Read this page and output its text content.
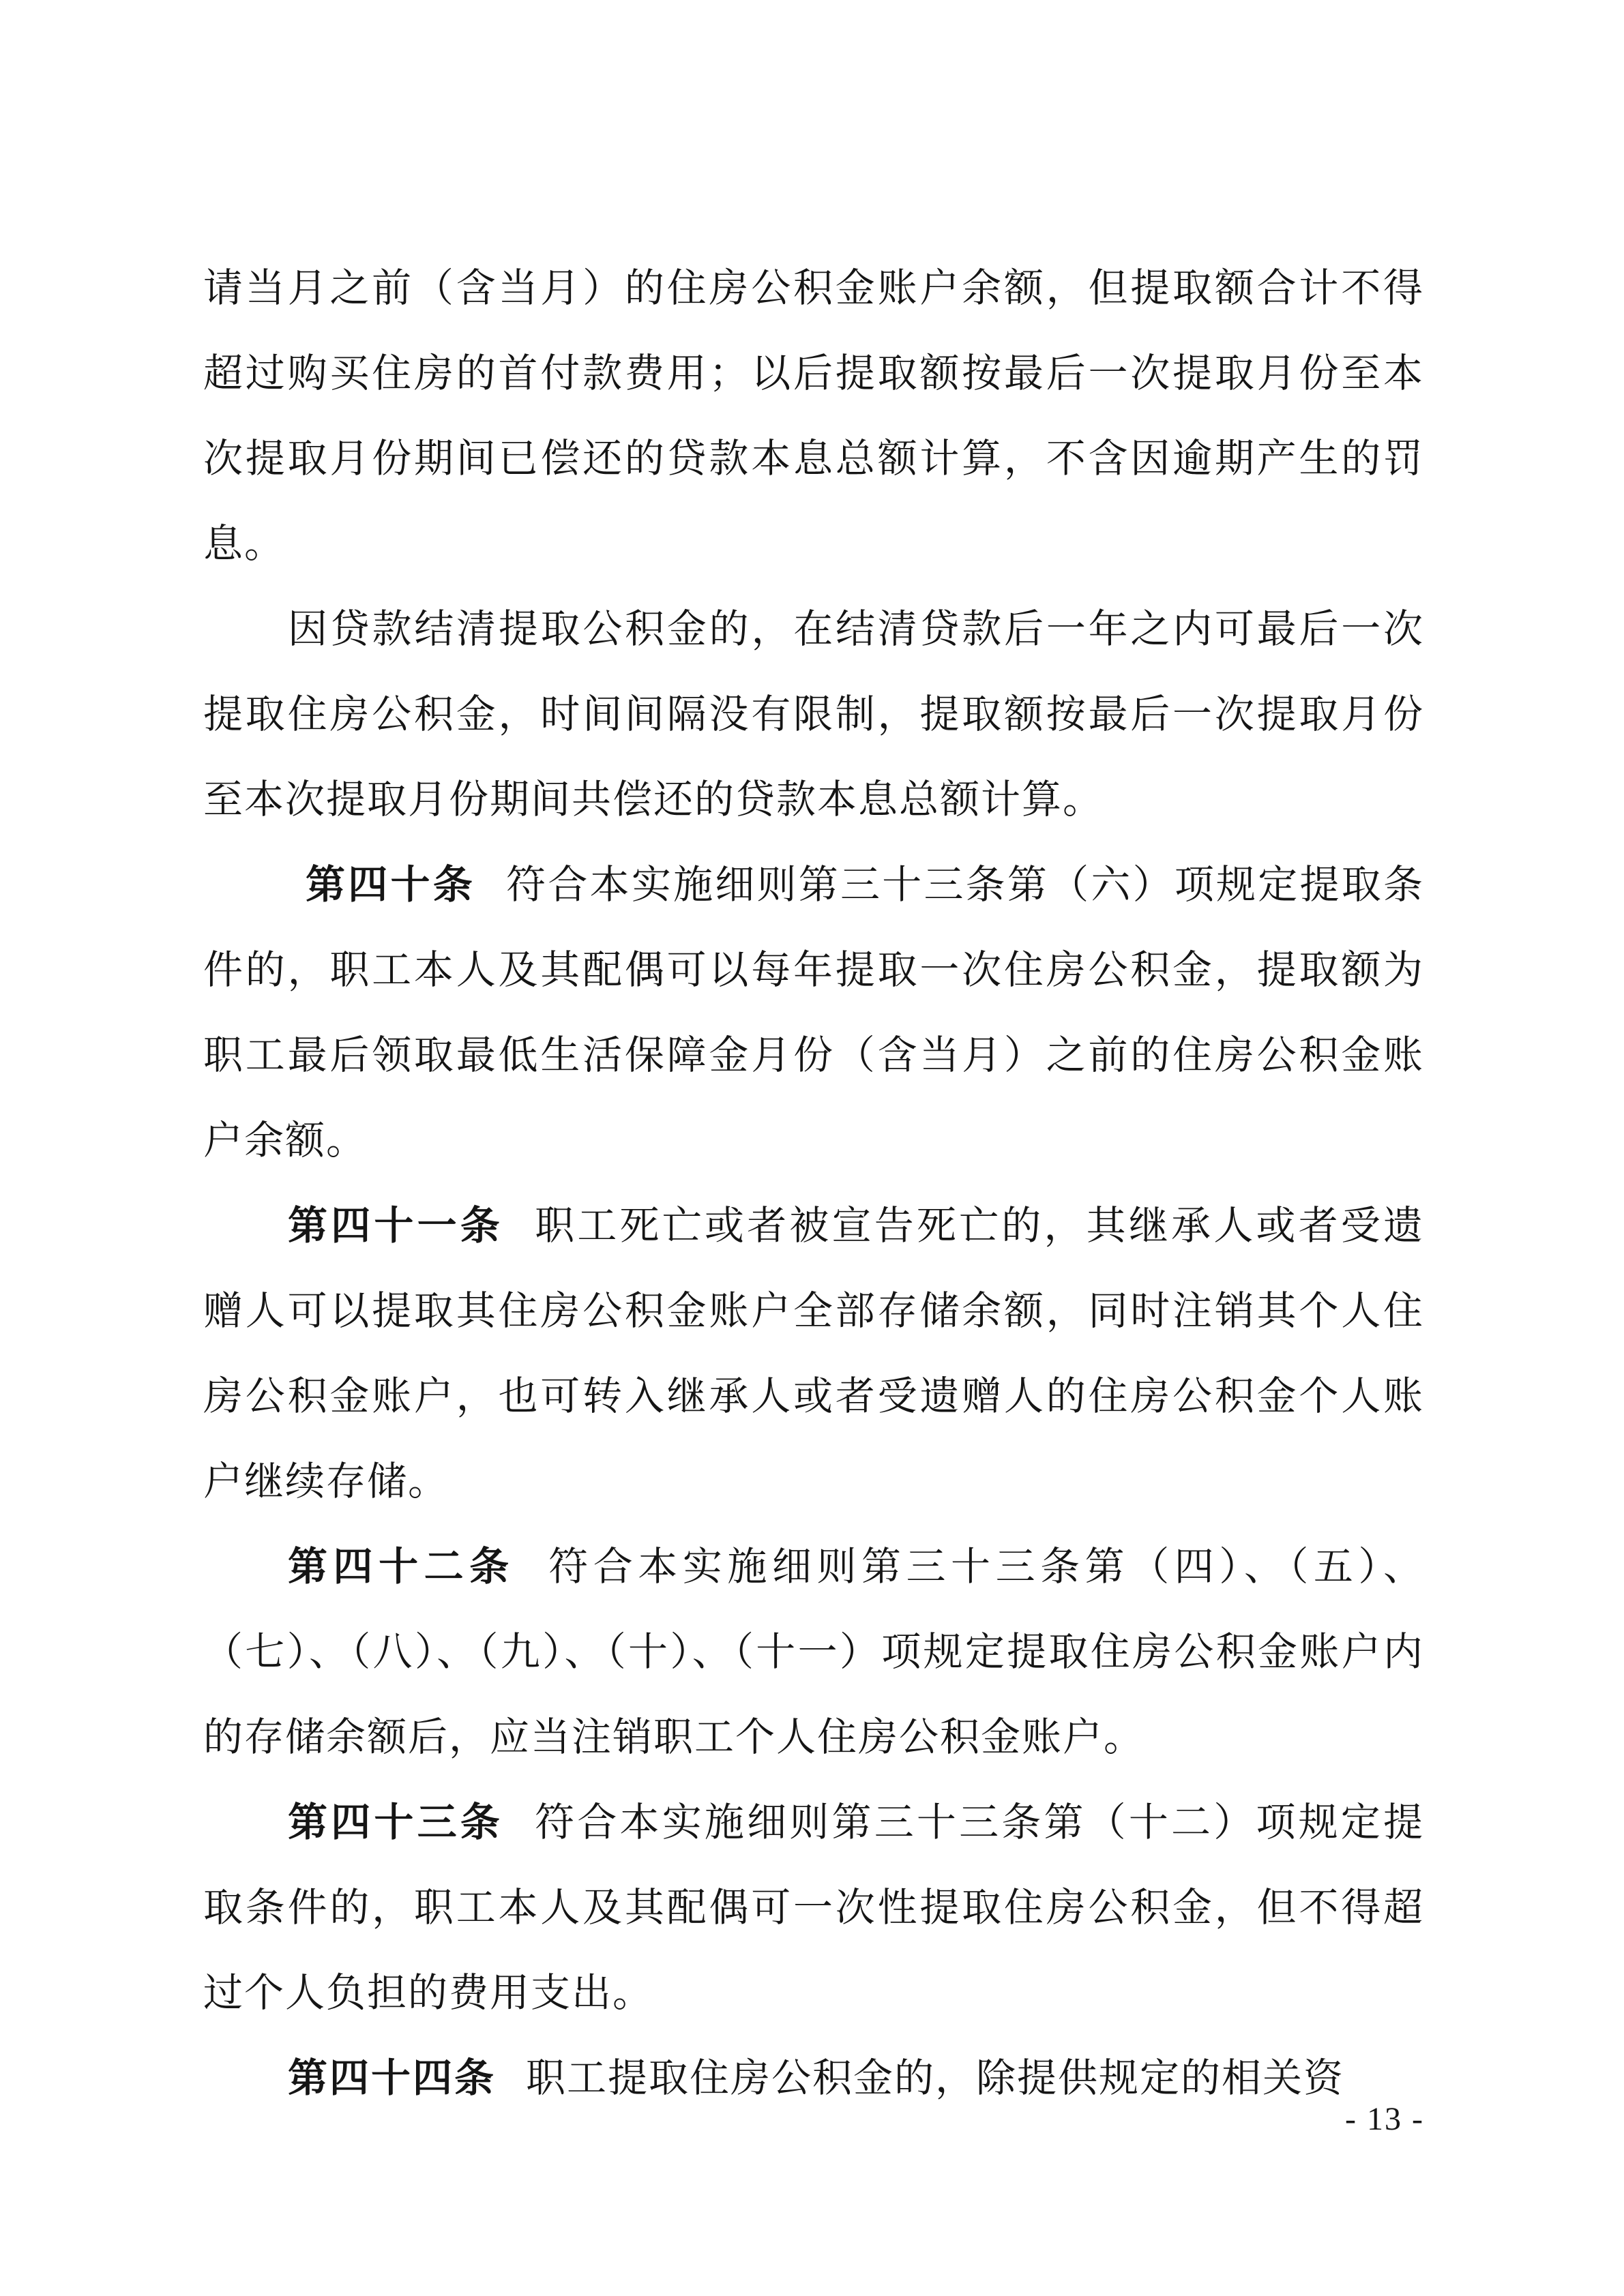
请当月之前（含当月）的住房公积金账户余额，但提取额合计不得超过购买住房的首付款费用；以后提取额按最后一次提取月份至本次提取月份期间已偿还的贷款本息总额计算，不含因逾期产生的罚息。

因贷款结清提取公积金的，在结清贷款后一年之内可最后一次提取住房公积金，时间间隔没有限制，提取额按最后一次提取月份至本次提取月份期间共偿还的贷款本息总额计算。

第四十条 符合本实施细则第三十三条第（六）项规定提取条件的，职工本人及其配偶可以每年提取一次住房公积金，提取额为职工最后领取最低生活保障金月份（含当月）之前的住房公积金账户余额。

第四十一条 职工死亡或者被宣告死亡的，其继承人或者受遗赠人可以提取其住房公积金账户全部存储余额，同时注销其个人住房公积金账户，也可转入继承人或者受遗赠人的住房公积金个人账户继续存储。

第四十二条 符合本实施细则第三十三条第（四）、（五）、（七）、（八）、（九）、（十）、（十一）项规定提取住房公积金账户内的存储余额后，应当注销职工个人住房公积金账户。

第四十三条 符合本实施细则第三十三条第（十二）项规定提取条件的，职工本人及其配偶可一次性提取住房公积金，但不得超过个人负担的费用支出。

第四十四条 职工提取住房公积金的，除提供规定的相关资

- 13 -
